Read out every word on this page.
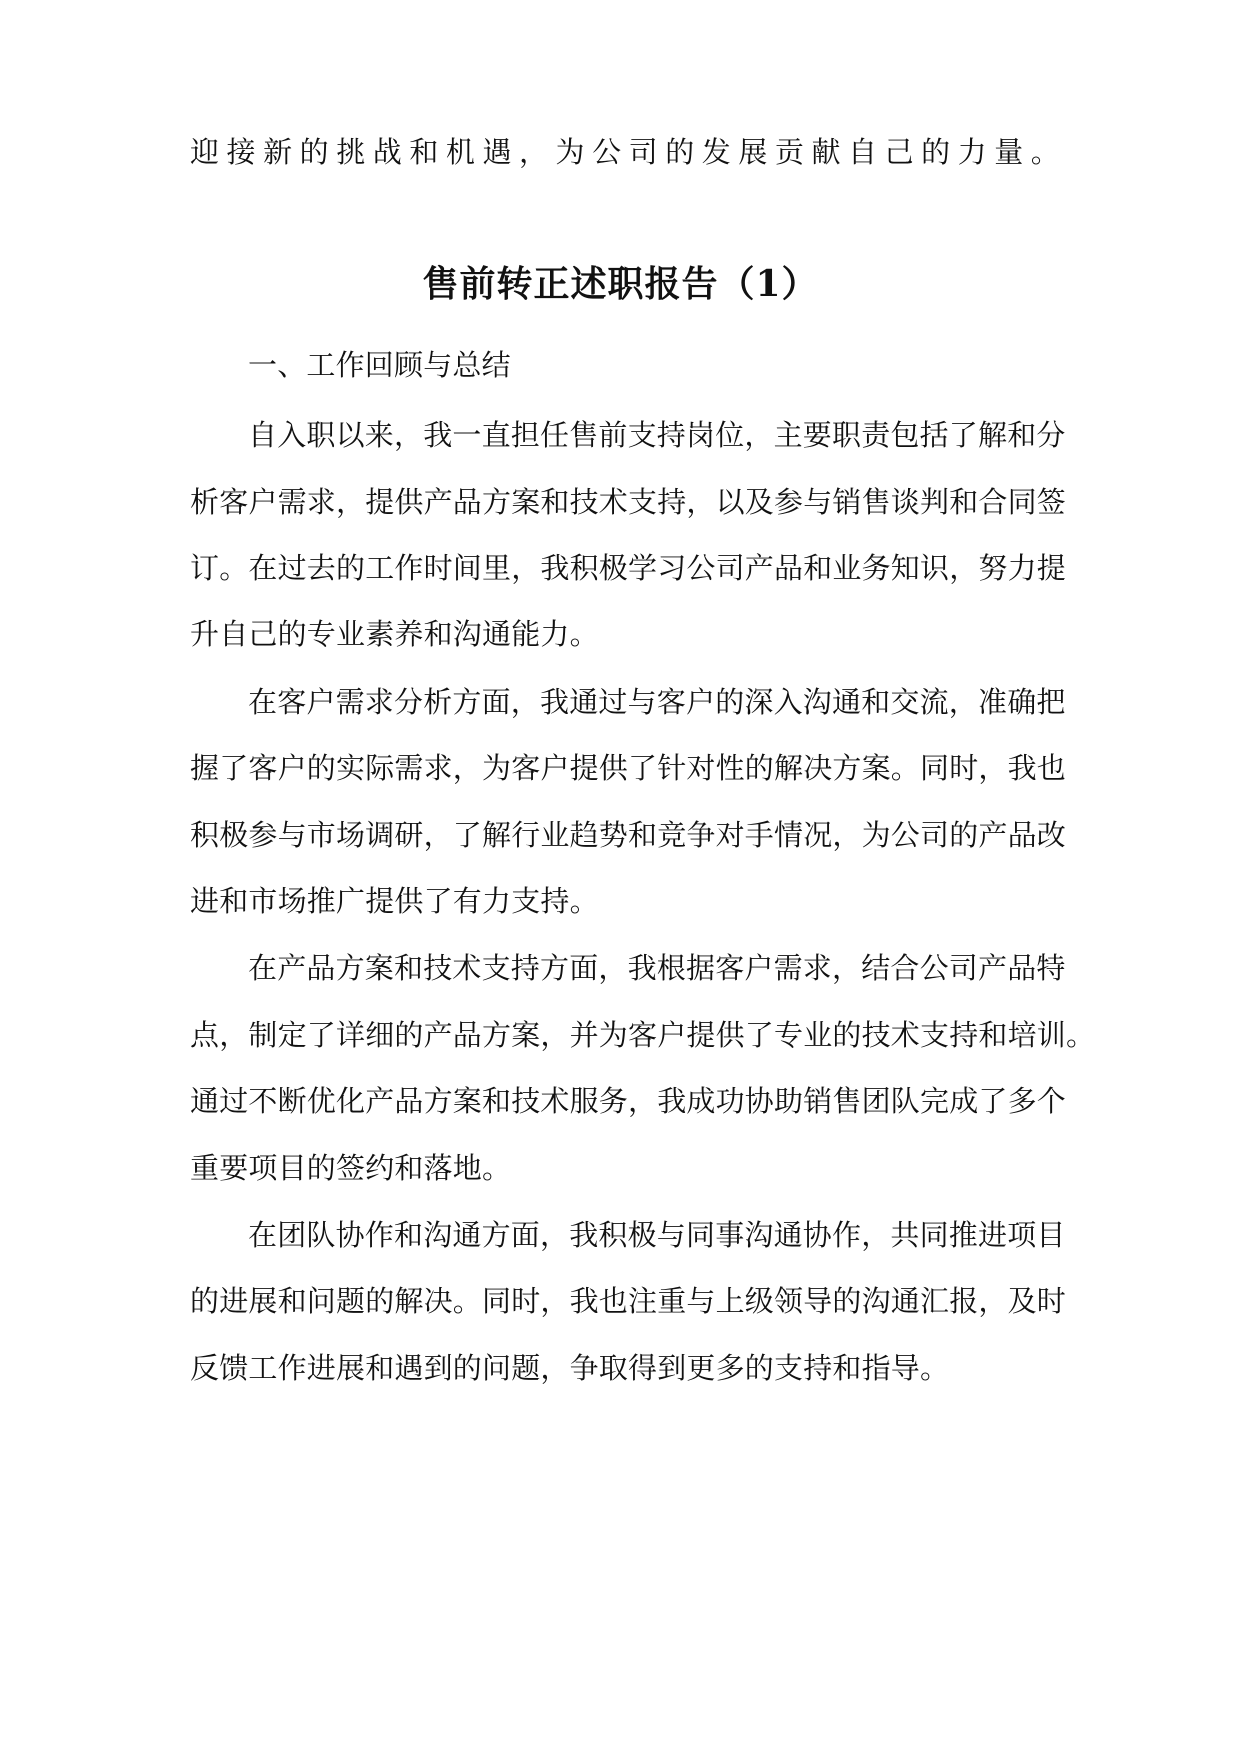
迎接新的挑战和机遇，为公司的发展贡献自己的力量。
售前转正述职报告（1）
一、工作回顾与总结
自入职以来，我一直担任售前支持岗位，主要职责包括了解和分
析客户需求，提供产品方案和技术支持，以及参与销售谈判和合同签
订。在过去的工作时间里，我积极学习公司产品和业务知识，努力提
升自己的专业素养和沟通能力。
在客户需求分析方面，我通过与客户的深入沟通和交流，准确把
握了客户的实际需求，为客户提供了针对性的解决方案。同时，我也
积极参与市场调研，了解行业趋势和竞争对手情况，为公司的产品改
进和市场推广提供了有力支持。
在产品方案和技术支持方面，我根据客户需求，结合公司产品特
点，制定了详细的产品方案，并为客户提供了专业的技术支持和培训。
通过不断优化产品方案和技术服务，我成功协助销售团队完成了多个
重要项目的签约和落地。
在团队协作和沟通方面，我积极与同事沟通协作，共同推进项目
的进展和问题的解决。同时，我也注重与上级领导的沟通汇报，及时
反馈工作进展和遇到的问题，争取得到更多的支持和指导。
